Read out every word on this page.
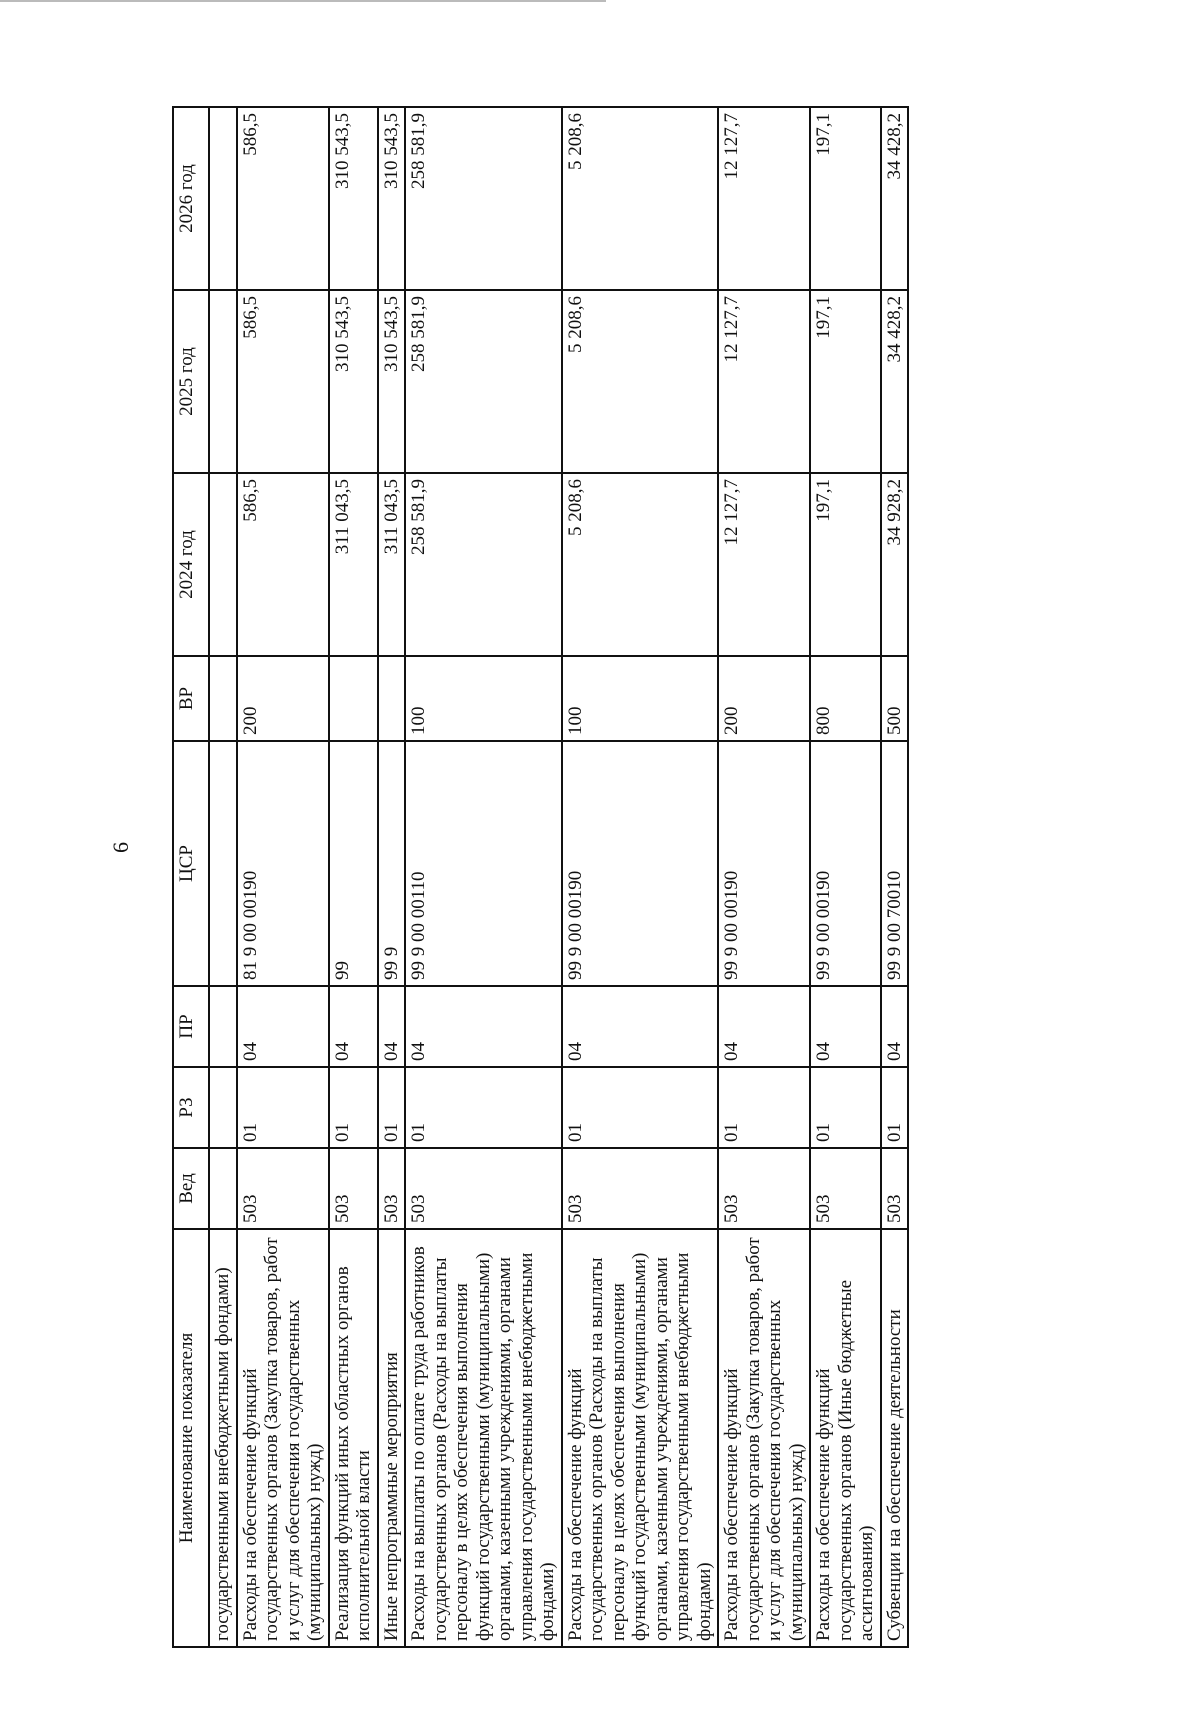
6
Наименование показателя	Вед	РЗ	ПР	ЦСР	ВР	2024 год	2025 год	2026 год
государственными внебюджетными фондами)								
Расходы на обеспечение функций государственных органов (Закупка товаров, работ и услуг для обеспечения государственных (муниципальных) нужд)	503	01	04	81 9 00 00190	200	586,5	586,5	586,5
Реализация функций иных областных органов исполнительной власти	503	01	04	99		311 043,5	310 543,5	310 543,5
Иные непрограммные мероприятия	503	01	04	99 9		311 043,5	310 543,5	310 543,5
Расходы на выплаты по оплате труда работников государственных органов (Расходы на выплаты персоналу в целях обеспечения выполнения функций государственными (муниципальными) органами, казенными учреждениями, органами управления государственными внебюджетными фондами)	503	01	04	99 9 00 00110	100	258 581,9	258 581,9	258 581,9
Расходы на обеспечение функций государственных органов (Расходы на выплаты персоналу в целях обеспечения выполнения функций государственными (муниципальными) органами, казенными учреждениями, органами управления государственными внебюджетными фондами)	503	01	04	99 9 00 00190	100	5 208,6	5 208,6	5 208,6
Расходы на обеспечение функций государственных органов (Закупка товаров, работ и услуг для обеспечения государственных (муниципальных) нужд)	503	01	04	99 9 00 00190	200	12 127,7	12 127,7	12 127,7
Расходы на обеспечение функций государственных органов (Иные бюджетные ассигнования)	503	01	04	99 9 00 00190	800	197,1	197,1	197,1
Субвенции на обеспечение деятельности	503	01	04	99 9 00 70010	500	34 928,2	34 428,2	34 428,2
